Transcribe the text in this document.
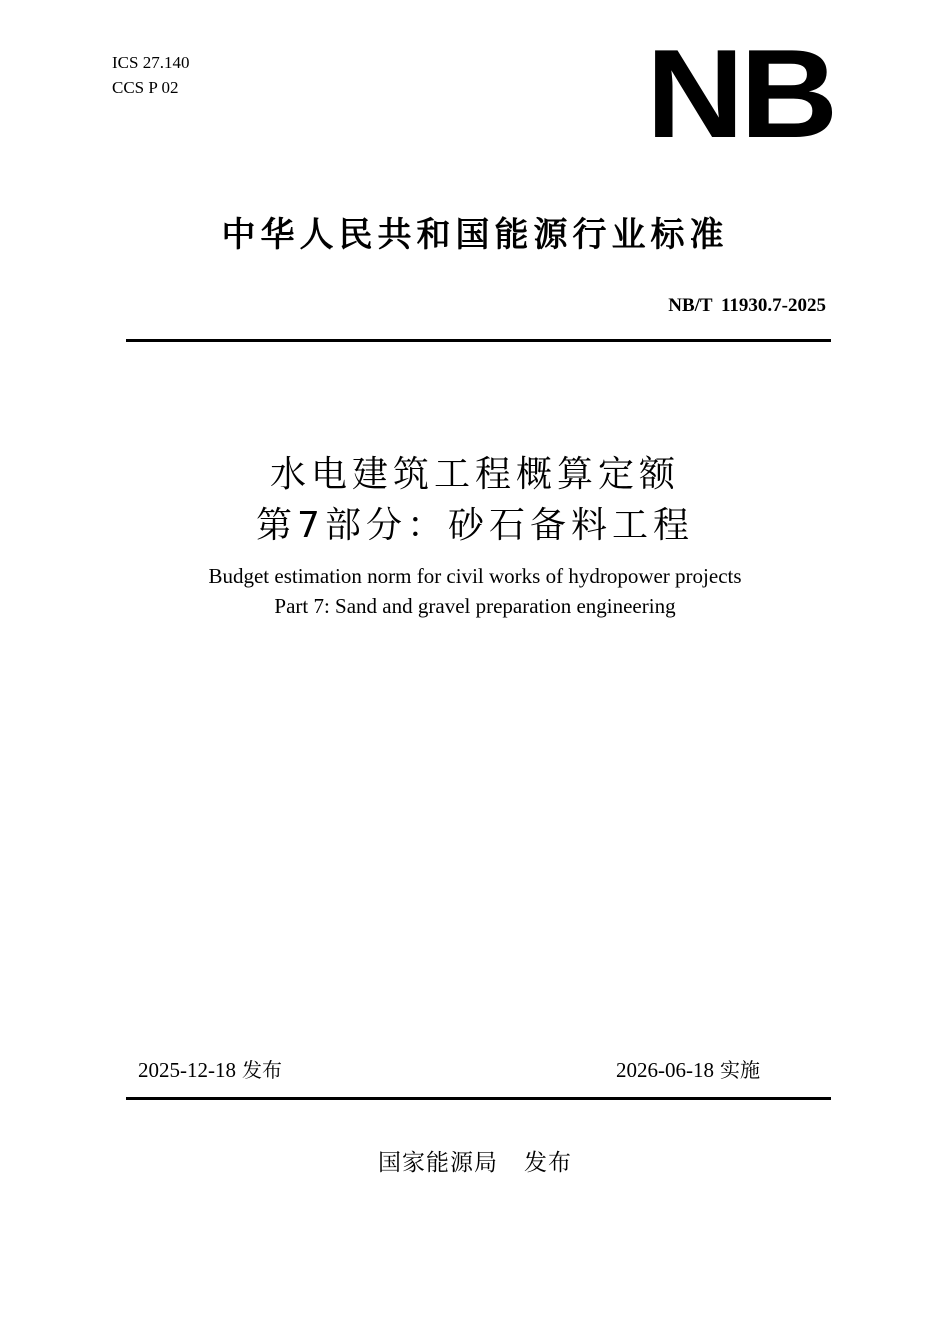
ICS 27.140
CCS P 02	NB
中华人民共和国能源行业标准
NB/T 11930.7-2025
水电建筑工程概算定额
第7部分：砂石备料工程
Budget estimation norm for civil works of hydropower projects
Part 7: Sand and gravel preparation engineering
2025-12-18 发布	2026-06-18 实施
国家能源局 发布
